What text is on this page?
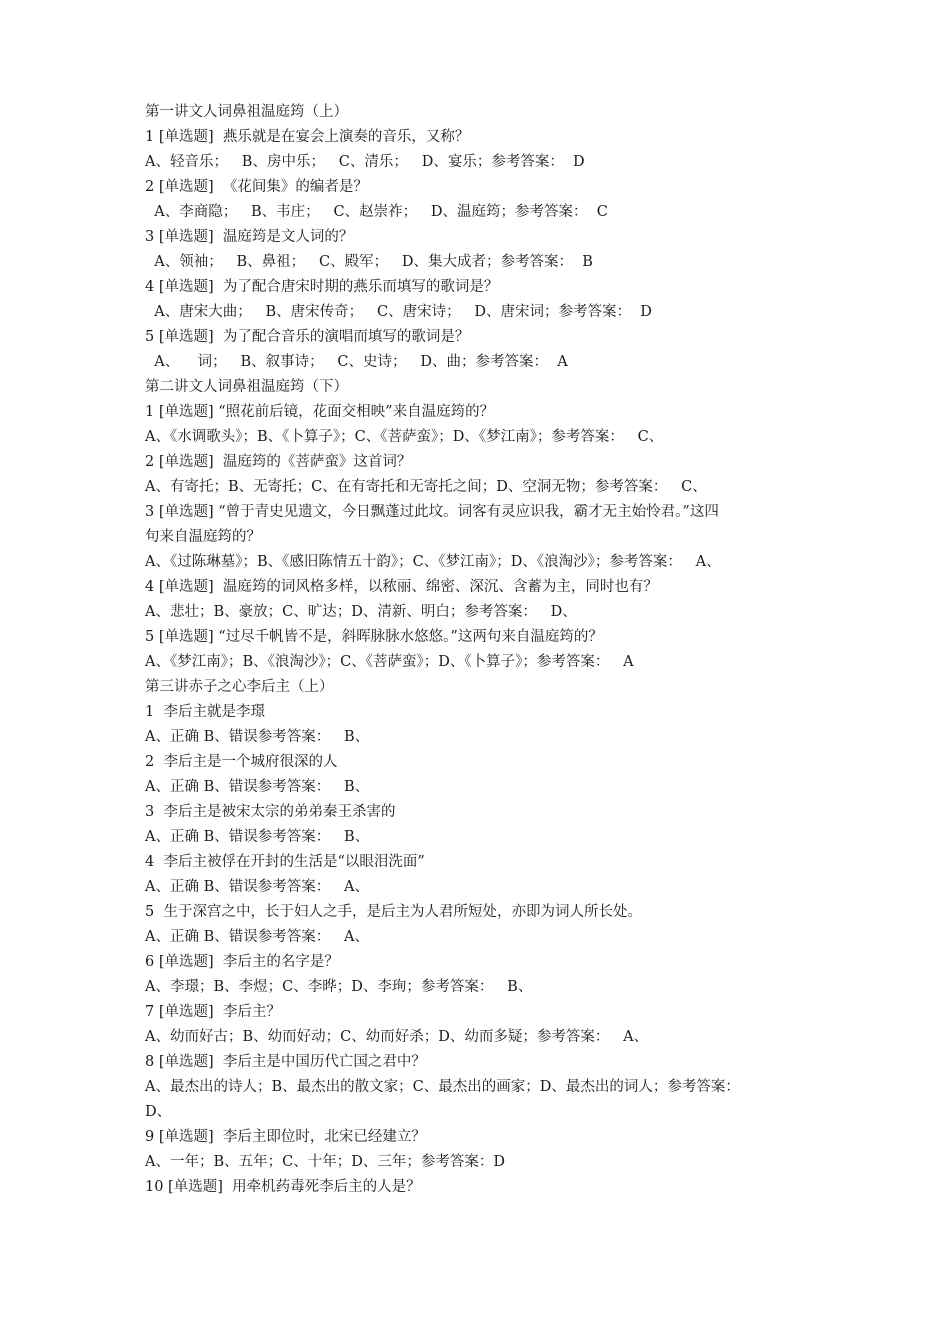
第一讲文人词鼻祖温庭筠（上）
1 [单选题]  燕乐就是在宴会上演奏的音乐，又称？
A、轻音乐；   B、房中乐；   C、清乐；   D、宴乐；参考答案：  D
2 [单选题]  《花间集》的编者是？
A、李商隐；   B、韦庄；   C、赵崇祚；   D、温庭筠；参考答案：  C
3 [单选题]  温庭筠是文人词的？
A、领袖；   B、鼻祖；   C、殿军；   D、集大成者；参考答案：  B
4 [单选题]  为了配合唐宋时期的燕乐而填写的歌词是？
A、唐宋大曲；   B、唐宋传奇；   C、唐宋诗；   D、唐宋词；参考答案：  D
5 [单选题]  为了配合音乐的演唱而填写的歌词是？
A、    词；   B、叙事诗；   C、史诗；   D、曲；参考答案：  A
第二讲文人词鼻祖温庭筠（下）
1 [单选题] “照花前后镜，花面交相映”来自温庭筠的？
A、《水调歌头》；B、《卜算子》；C、《菩萨蛮》；D、《梦江南》；参考答案：   C、
2 [单选题]  温庭筠的《菩萨蛮》这首词？
A、有寄托；B、无寄托；C、在有寄托和无寄托之间；D、空洞无物；参考答案：   C、
3 [单选题] “曾于青史见遗文，今日飘蓬过此坟。词客有灵应识我，霸才无主始怜君。”这四
句来自温庭筠的？
A、《过陈琳墓》；B、《感旧陈情五十韵》；C、《梦江南》；D、《浪淘沙》；参考答案：   A、
4 [单选题]  温庭筠的词风格多样，以秾丽、绵密、深沉、含蓄为主，同时也有？
A、悲壮；B、豪放；C、旷达；D、清新、明白；参考答案：   D、
5 [单选题] “过尽千帆皆不是，斜晖脉脉水悠悠。”这两句来自温庭筠的？
A、《梦江南》；B、《浪淘沙》；C、《菩萨蛮》；D、《卜算子》；参考答案：   A
第三讲赤子之心李后主（上）
1  李后主就是李璟
A、正确 B、错误参考答案：   B、
2  李后主是一个城府很深的人
A、正确 B、错误参考答案：   B、
3  李后主是被宋太宗的弟弟秦王杀害的
A、正确 B、错误参考答案：   B、
4  李后主被俘在开封的生活是“以眼泪洗面”
A、正确 B、错误参考答案：   A、
5  生于深宫之中，长于妇人之手，是后主为人君所短处，亦即为词人所长处。
A、正确 B、错误参考答案：   A、
6 [单选题]  李后主的名字是？
A、李璟；B、李煜；C、李晔；D、李珣；参考答案：   B、
7 [单选题]  李后主？
A、幼而好古；B、幼而好动；C、幼而好杀；D、幼而多疑；参考答案：   A、
8 [单选题]  李后主是中国历代亡国之君中？
A、最杰出的诗人；B、最杰出的散文家；C、最杰出的画家；D、最杰出的词人；参考答案：
D、
9 [单选题]  李后主即位时，北宋已经建立？
A、一年；B、五年；C、十年；D、三年；参考答案：D
10 [单选题]  用牵机药毒死李后主的人是？
